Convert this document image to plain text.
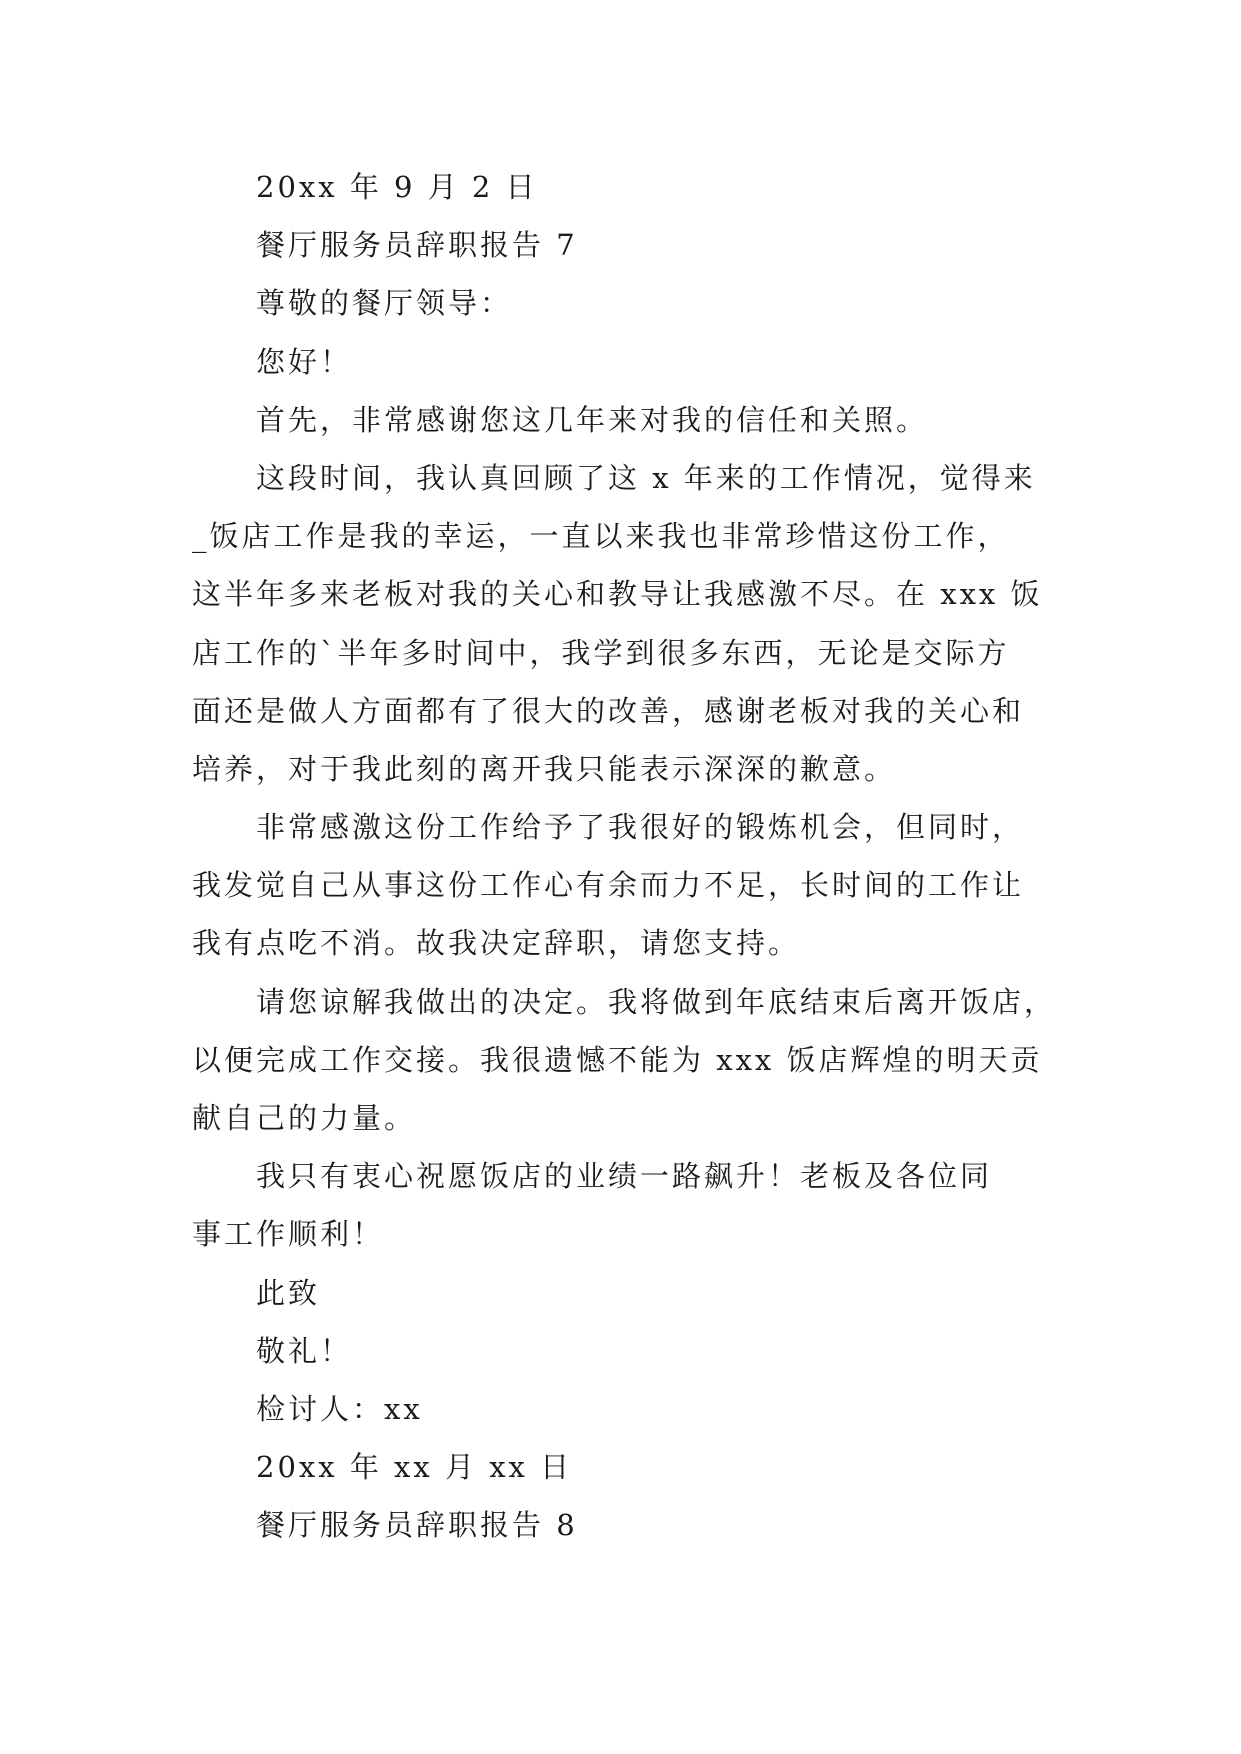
20xx 年 9 月 2 日
餐厅服务员辞职报告 7
尊敬的餐厅领导：
您好！
首先，非常感谢您这几年来对我的信任和关照。
这段时间，我认真回顾了这 x 年来的工作情况，觉得来
_饭店工作是我的幸运，一直以来我也非常珍惜这份工作，
这半年多来老板对我的关心和教导让我感激不尽。在 xxx 饭
店工作的`半年多时间中，我学到很多东西，无论是交际方
面还是做人方面都有了很大的改善，感谢老板对我的关心和
培养，对于我此刻的离开我只能表示深深的歉意。
非常感激这份工作给予了我很好的锻炼机会，但同时，
我发觉自己从事这份工作心有余而力不足，长时间的工作让
我有点吃不消。故我决定辞职，请您支持。
请您谅解我做出的决定。我将做到年底结束后离开饭店，
以便完成工作交接。我很遗憾不能为 xxx 饭店辉煌的明天贡
献自己的力量。
我只有衷心祝愿饭店的业绩一路飙升！老板及各位同
事工作顺利！
此致
敬礼！
检讨人：xx
20xx 年 xx 月 xx 日
餐厅服务员辞职报告 8
